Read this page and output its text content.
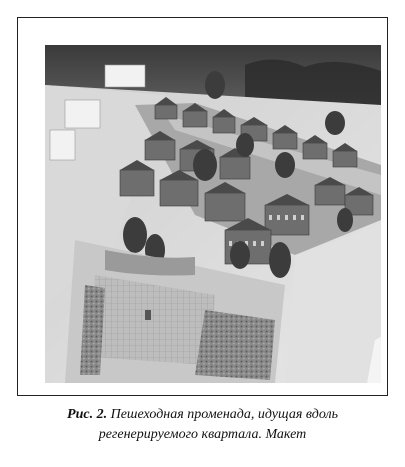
Рис. 2. Пешеходная променада, идущая вдоль
регенерируемого квартала. Макет
